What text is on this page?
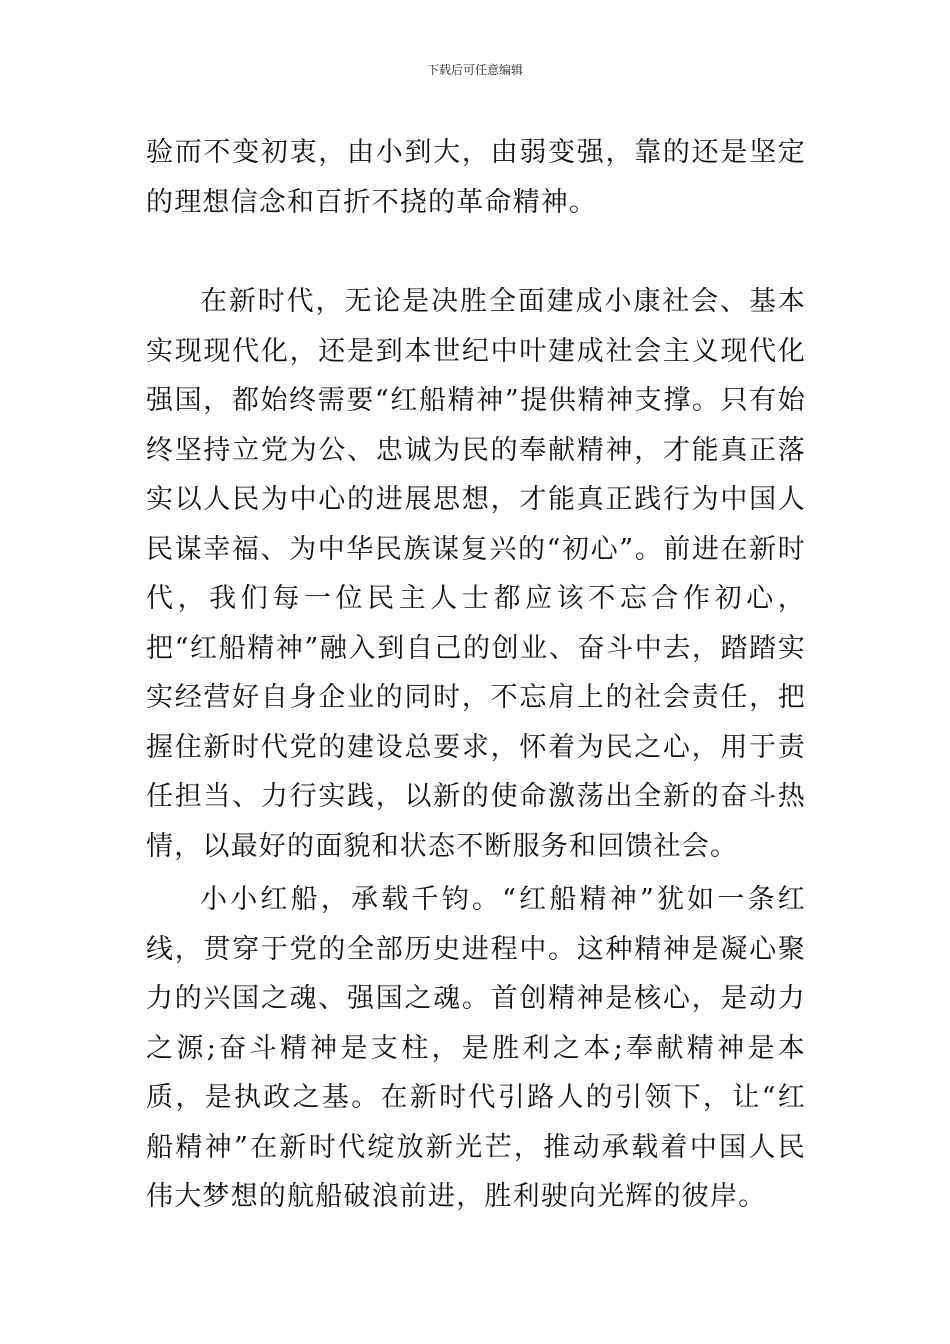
下载后可任意编辑

验而不变初衷，由小到大，由弱变强，靠的还是坚定的理想信念和百折不挠的革命精神。

在新时代，无论是决胜全面建成小康社会、基本实现现代化，还是到本世纪中叶建成社会主义现代化强国，都始终需要“红船精神”提供精神支撑。只有始终坚持立党为公、忠诚为民的奉献精神，才能真正落实以人民为中心的进展思想，才能真正践行为中国人民谋幸福、为中华民族谋复兴的“初心”。前进在新时代，我们每一位民主人士都应该不忘合作初心，把“红船精神”融入到自己的创业、奋斗中去，踏踏实实经营好自身企业的同时，不忘肩上的社会责任，把握住新时代党的建设总要求，怀着为民之心，用于责任担当、力行实践，以新的使命激荡出全新的奋斗热情，以最好的面貌和状态不断服务和回馈社会。

小小红船，承载千钧。“红船精神”犹如一条红线，贯穿于党的全部历史进程中。这种精神是凝心聚力的兴国之魂、强国之魂。首创精神是核心，是动力之源;奋斗精神是支柱，是胜利之本;奉献精神是本质，是执政之基。在新时代引路人的引领下，让“红船精神”在新时代绽放新光芒，推动承载着中国人民伟大梦想的航船破浪前进，胜利驶向光辉的彼岸。
